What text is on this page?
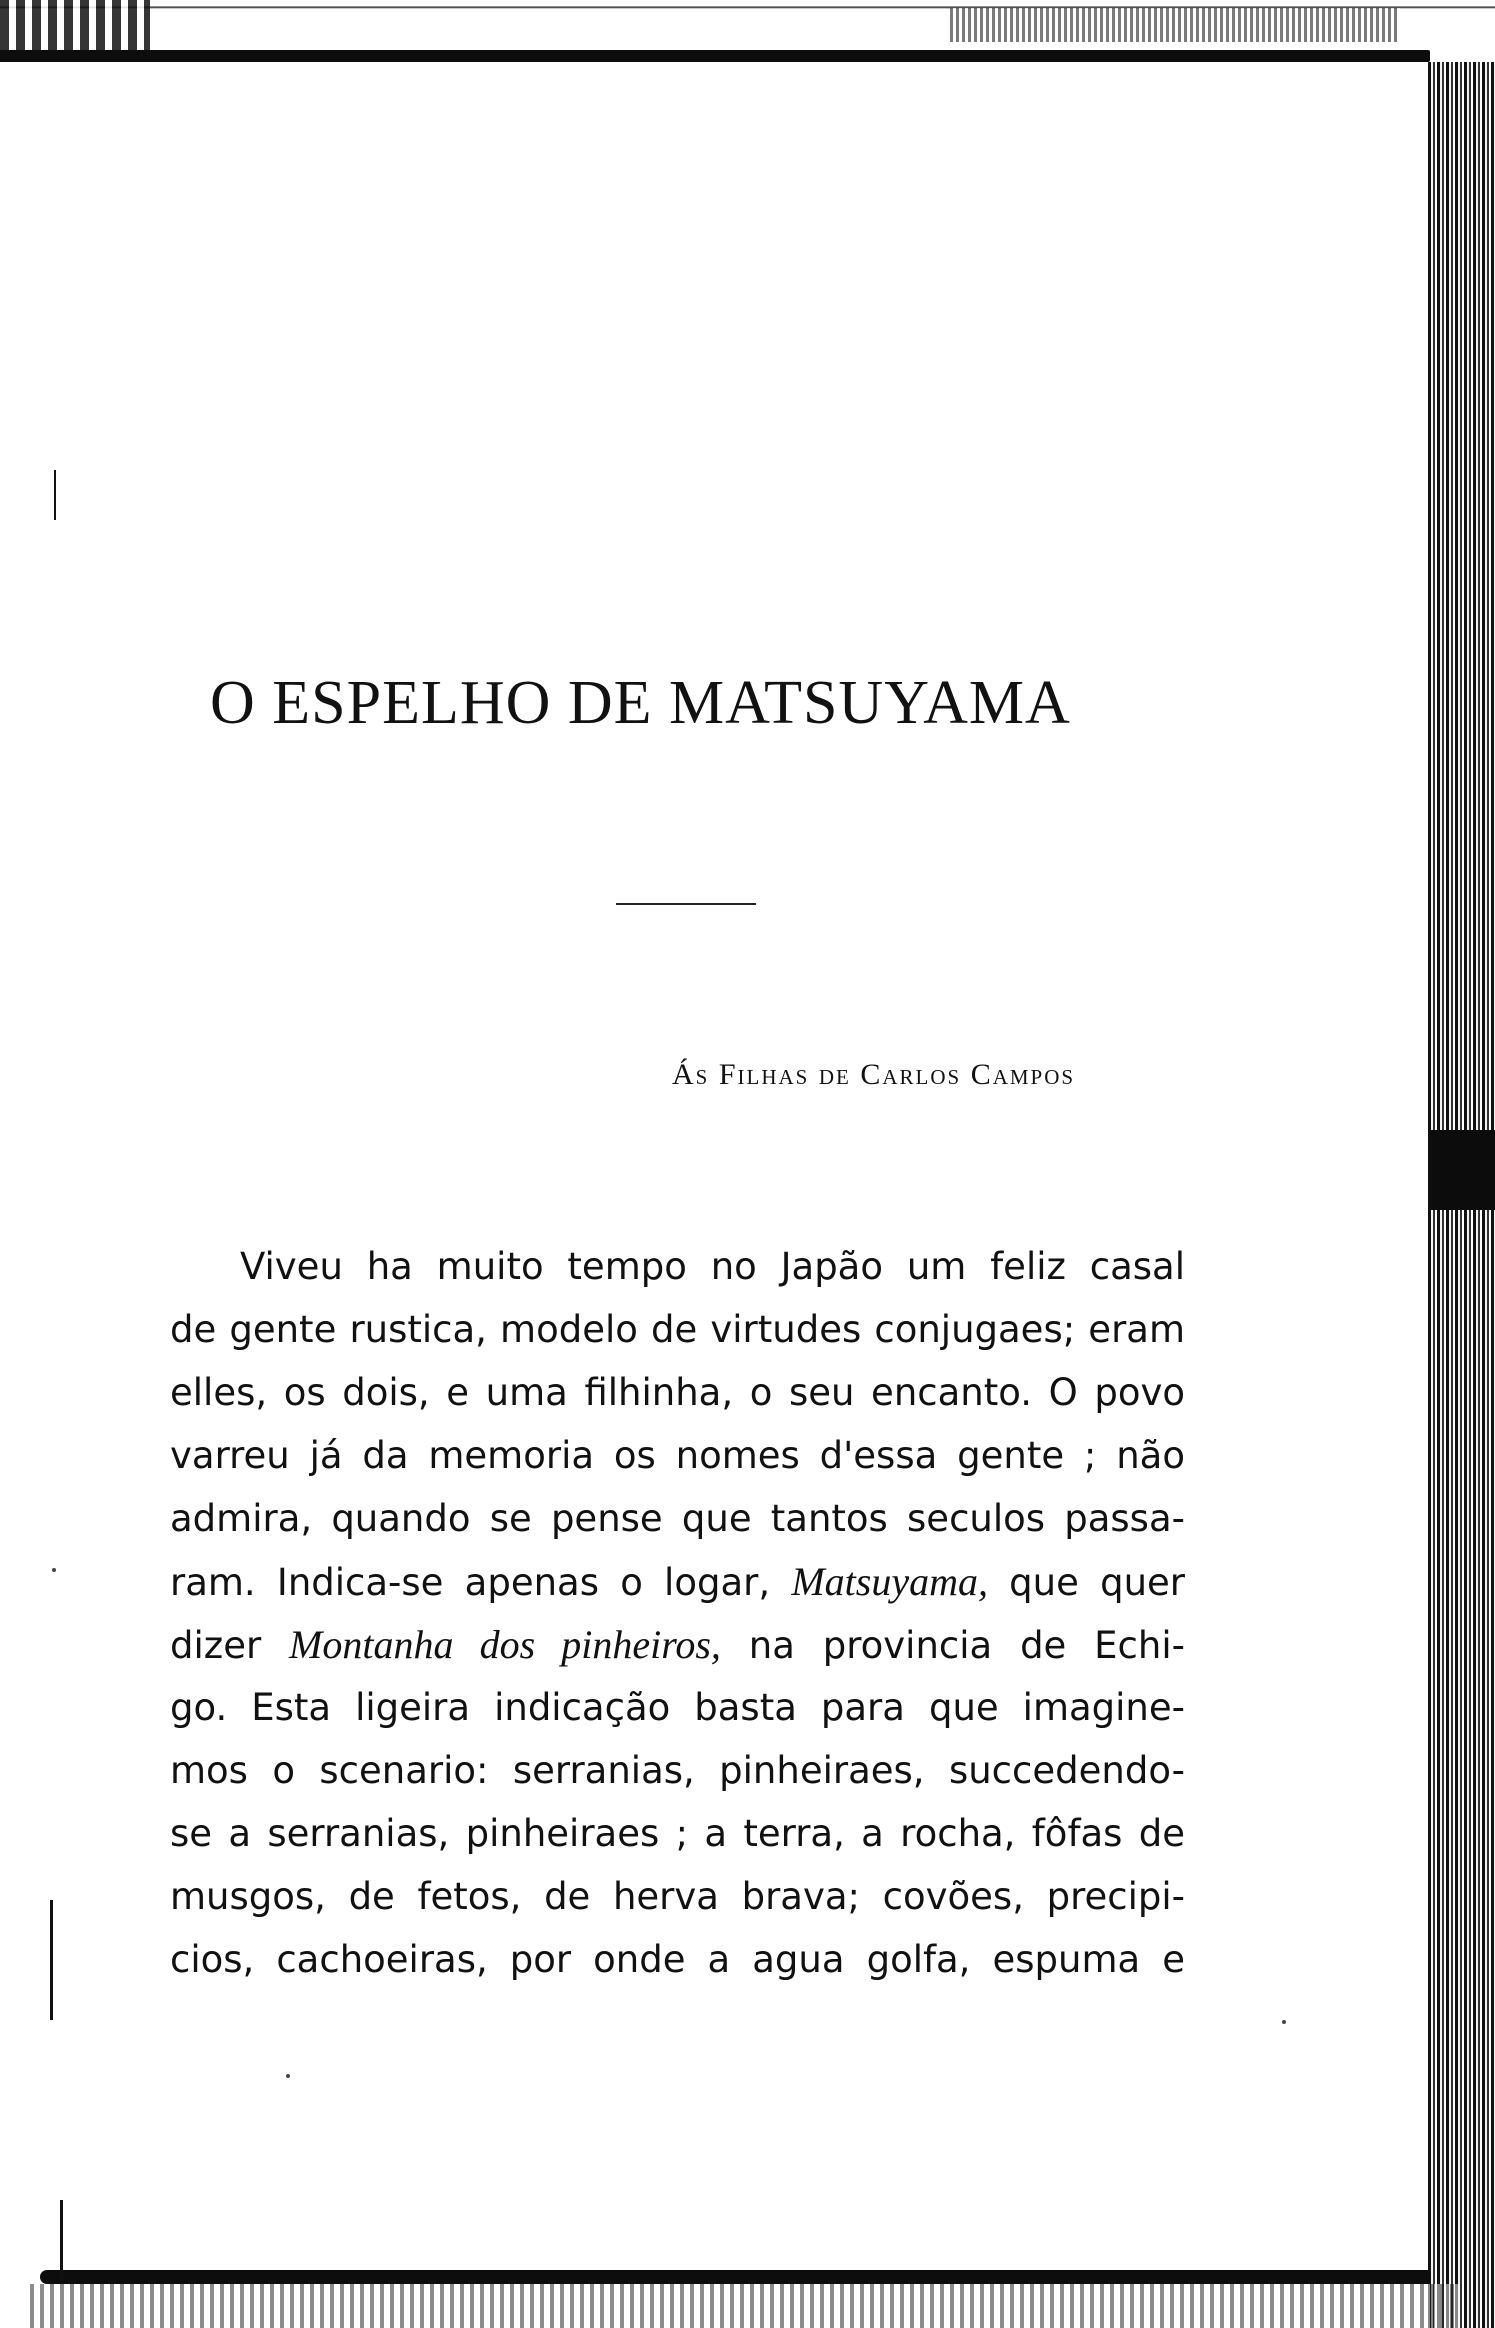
O ESPELHO DE MATSUYAMA
Ás Filhas de Carlos Campos
Viveu ha muito tempo no Japão um feliz casal
de gente rustica, modelo de virtudes conjugaes; eram
elles, os dois, e uma filhinha, o seu encanto. O povo
varreu já da memoria os nomes d'essa gente ; não
admira, quando se pense que tantos seculos passa-
ram. Indica-se apenas o logar, Matsuyama, que quer
dizer Montanha dos pinheiros, na provincia de Echi-
go. Esta ligeira indicação basta para que imagine-
mos o scenario: serranias, pinheiraes, succedendo-
se a serranias, pinheiraes ; a terra, a rocha, fôfas de
musgos, de fetos, de herva brava; covões, precipi-
cios, cachoeiras, por onde a agua golfa, espuma e
